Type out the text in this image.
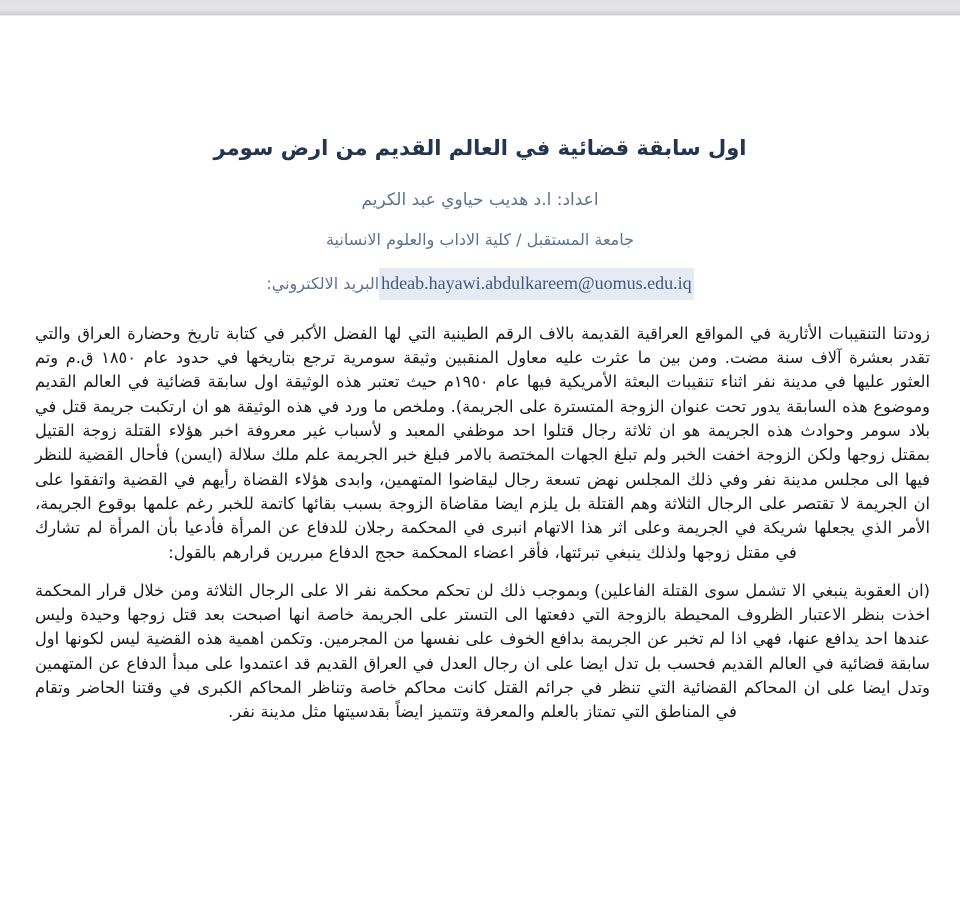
اول سابقة قضائية في العالم القديم من ارض سومر
اعداد: ا.د هديب حياوي عبد الكريم
جامعة المستقبل / كلية الاداب والعلوم الانسانية
hdeab.hayawi.abdulkareem@uomus.edu.iqالبريد الالكتروني:

زودتنا التنقيبات الأثارية في المواقع العراقية القديمة بالاف الرقم الطينية التي لها الفضل الأكبر في كتابة تاريخ وحضارة العراق والتي تقدر بعشرة آلاف سنة مضت. ومن بين ما عثرت عليه معاول المنقبين وثيقة سومرية ترجع بتاريخها في حدود عام ١٨٥٠ ق.م وتم العثور عليها في مدينة نفر اثناء تنقيبات البعثة الأمريكية فيها عام ١٩٥٠م حيث تعتبر هذه الوثيقة اول سابقة قضائية في العالم القديم وموضوع هذه السابقة يدور تحت عنوان الزوجة المتسترة على الجريمة). وملخص ما ورد في هذه الوثيقة هو ان ارتكبت جريمة قتل في بلاد سومر وحوادث هذه الجريمة هو ان ثلاثة رجال قتلوا احد موظفي المعبد و لأسباب غير معروفة اخبر هؤلاء القتلة زوجة القتيل بمقتل زوجها ولكن الزوجة اخفت الخبر ولم تبلغ الجهات المختصة بالامر فبلغ خبر الجريمة علم ملك سلالة (ايسن) فأحال القضية للنظر فيها الى مجلس مدينة نفر وفي ذلك المجلس نهض تسعة رجال ليقاضوا المتهمين، وابدى هؤلاء القضاة رأيهم في القضية واتفقوا على ان الجريمة لا تقتصر على الرجال الثلاثة وهم القتلة بل يلزم ايضا مقاضاة الزوجة بسبب بقائها كاتمة للخبر رغم علمها بوقوع الجريمة، الأمر الذي يجعلها شريكة في الجريمة وعلى اثر هذا الاتهام انبرى في المحكمة رجلان للدفاع عن المرأة فأدعيا بأن المرأة لم تشارك في مقتل زوجها ولذلك ينبغي تبرئتها، فأقر اعضاء المحكمة حجج الدفاع مبررين قرارهم بالقول:

(ان العقوبة ينبغي الا تشمل سوى القتلة الفاعلين) وبموجب ذلك لن تحكم محكمة نفر الا على الرجال الثلاثة ومن خلال قرار المحكمة اخذت بنظر الاعتبار الظروف المحيطة بالزوجة التي دفعتها الى التستر على الجريمة خاصة انها اصبحت بعد قتل زوجها وحيدة وليس عندها احد يدافع عنها، فهي اذا لم تخبر عن الجريمة بدافع الخوف على نفسها من المجرمين. وتكمن اهمية هذه القضية ليس لكونها اول سابقة قضائية في العالم القديم فحسب بل تدل ايضا على ان رجال العدل في العراق القديم قد اعتمدوا على مبدأ الدفاع عن المتهمين وتدل ايضا على ان المحاكم القضائية التي تنظر في جرائم القتل كانت محاكم خاصة وتناظر المحاكم الكبرى في وقتنا الحاضر وتقام في المناطق التي تمتاز بالعلم والمعرفة وتتميز ايضاً بقدسيتها مثل مدينة نفر.
